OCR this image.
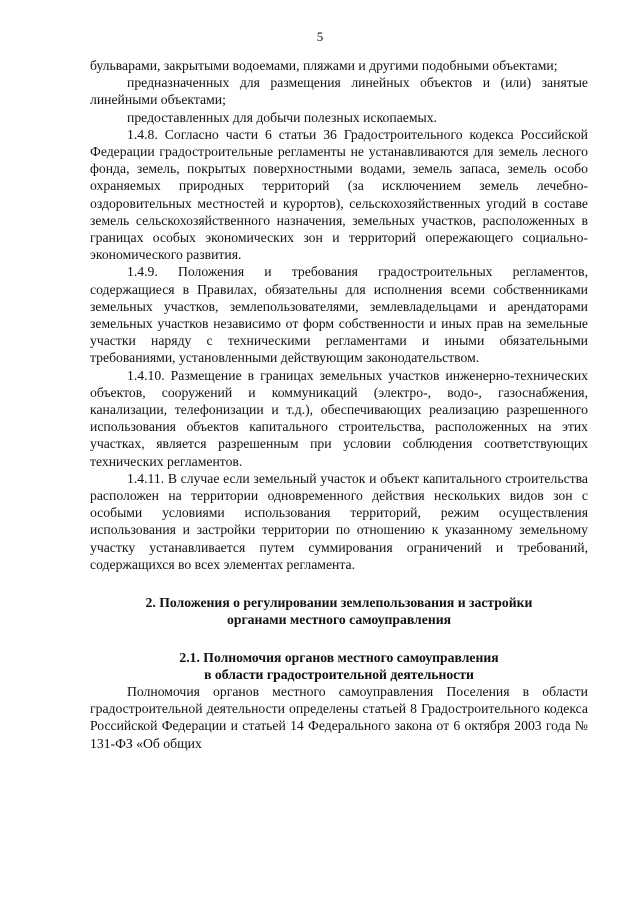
5

бульварами, закрытыми водоемами, пляжами и другими подобными объектами;

предназначенных для размещения линейных объектов и (или) занятые линейными объектами;

предоставленных для добычи полезных ископаемых.

1.4.8. Согласно части 6 статьи 36 Градостроительного кодекса Российской Федерации градостроительные регламенты не устанавливаются для земель лесного фонда, земель, покрытых поверхностными водами, земель запаса, земель особо охраняемых природных территорий (за исключением земель лечебно-оздоровительных местностей и курортов), сельскохозяйственных угодий в составе земель сельскохозяйственного назначения, земельных участков, расположенных в границах особых экономических зон и территорий опережающего социально-экономического развития.

1.4.9. Положения и требования градостроительных регламентов, содержащиеся в Правилах, обязательны для исполнения всеми собственниками земельных участков, землепользователями, землевладельцами и арендаторами земельных участков независимо от форм собственности и иных прав на земельные участки наряду с техническими регламентами и иными обязательными требованиями, установленными действующим законодательством.

1.4.10. Размещение в границах земельных участков инженерно-технических объектов, сооружений и коммуникаций (электро-, водо-, газоснабжения, канализации, телефонизации и т.д.), обеспечивающих реализацию разрешенного использования объектов капитального строительства, расположенных на этих участках, является разрешенным при условии соблюдения соответствующих технических регламентов.

1.4.11. В случае если земельный участок и объект капитального строительства расположен на территории одновременного действия нескольких видов зон с особыми условиями использования территорий, режим осуществления использования и застройки территории по отношению к указанному земельному участку устанавливается путем суммирования ограничений и требований, содержащихся во всех элементах регламента.

2. Положения о регулировании землепользования и застройки
органами местного самоуправления
2.1. Полномочия органов местного самоуправления
в области градостроительной деятельности

Полномочия органов местного самоуправления Поселения в области градостроительной деятельности определены статьей 8 Градостроительного кодекса Российской Федерации и статьей 14 Федерального закона от 6 октября 2003 года № 131-ФЗ «Об общих
